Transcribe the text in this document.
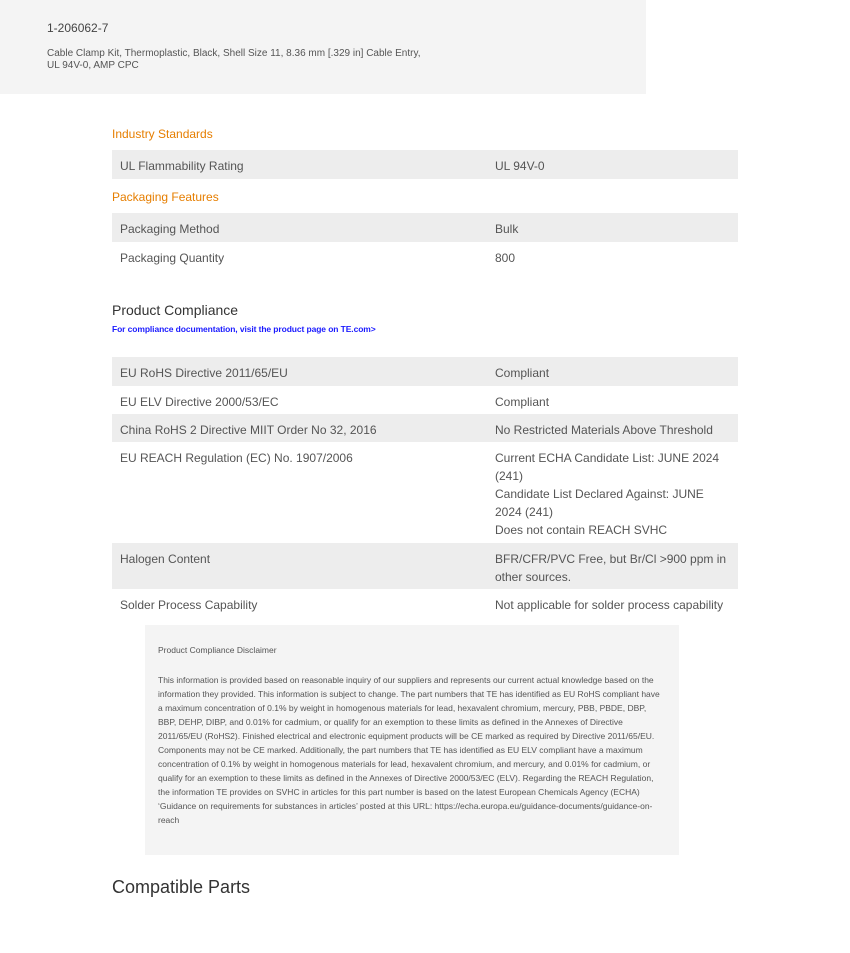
1-206062-7
Cable Clamp Kit, Thermoplastic, Black, Shell Size 11, 8.36 mm [.329 in] Cable Entry, UL 94V-0, AMP CPC
Industry Standards
UL Flammability Rating	UL 94V-0
Packaging Features
Packaging Method	Bulk
Packaging Quantity	800
Product Compliance
For compliance documentation, visit the product page on TE.com>
EU RoHS Directive 2011/65/EU	Compliant
EU ELV Directive 2000/53/EC	Compliant
China RoHS 2 Directive MIIT Order No 32, 2016	No Restricted Materials Above Threshold
EU REACH Regulation (EC) No. 1907/2006	Current ECHA Candidate List: JUNE 2024 (241)
Candidate List Declared Against: JUNE 2024 (241)
Does not contain REACH SVHC
Halogen Content	BFR/CFR/PVC Free, but Br/Cl >900 ppm in other sources.
Solder Process Capability	Not applicable for solder process capability
Product Compliance Disclaimer
This information is provided based on reasonable inquiry of our suppliers and represents our current actual knowledge based on the information they provided. This information is subject to change. The part numbers that TE has identified as EU RoHS compliant have a maximum concentration of 0.1% by weight in homogenous materials for lead, hexavalent chromium, mercury, PBB, PBDE, DBP, BBP, DEHP, DIBP, and 0.01% for cadmium, or qualify for an exemption to these limits as defined in the Annexes of Directive 2011/65/EU (RoHS2). Finished electrical and electronic equipment products will be CE marked as required by Directive 2011/65/EU. Components may not be CE marked. Additionally, the part numbers that TE has identified as EU ELV compliant have a maximum concentration of 0.1% by weight in homogenous materials for lead, hexavalent chromium, and mercury, and 0.01% for cadmium, or qualify for an exemption to these limits as defined in the Annexes of Directive 2000/53/EC (ELV). Regarding the REACH Regulation, the information TE provides on SVHC in articles for this part number is based on the latest European Chemicals Agency (ECHA) ‘Guidance on requirements for substances in articles’ posted at this URL: https://echa.europa.eu/guidance-documents/guidance-on-reach
Compatible Parts
